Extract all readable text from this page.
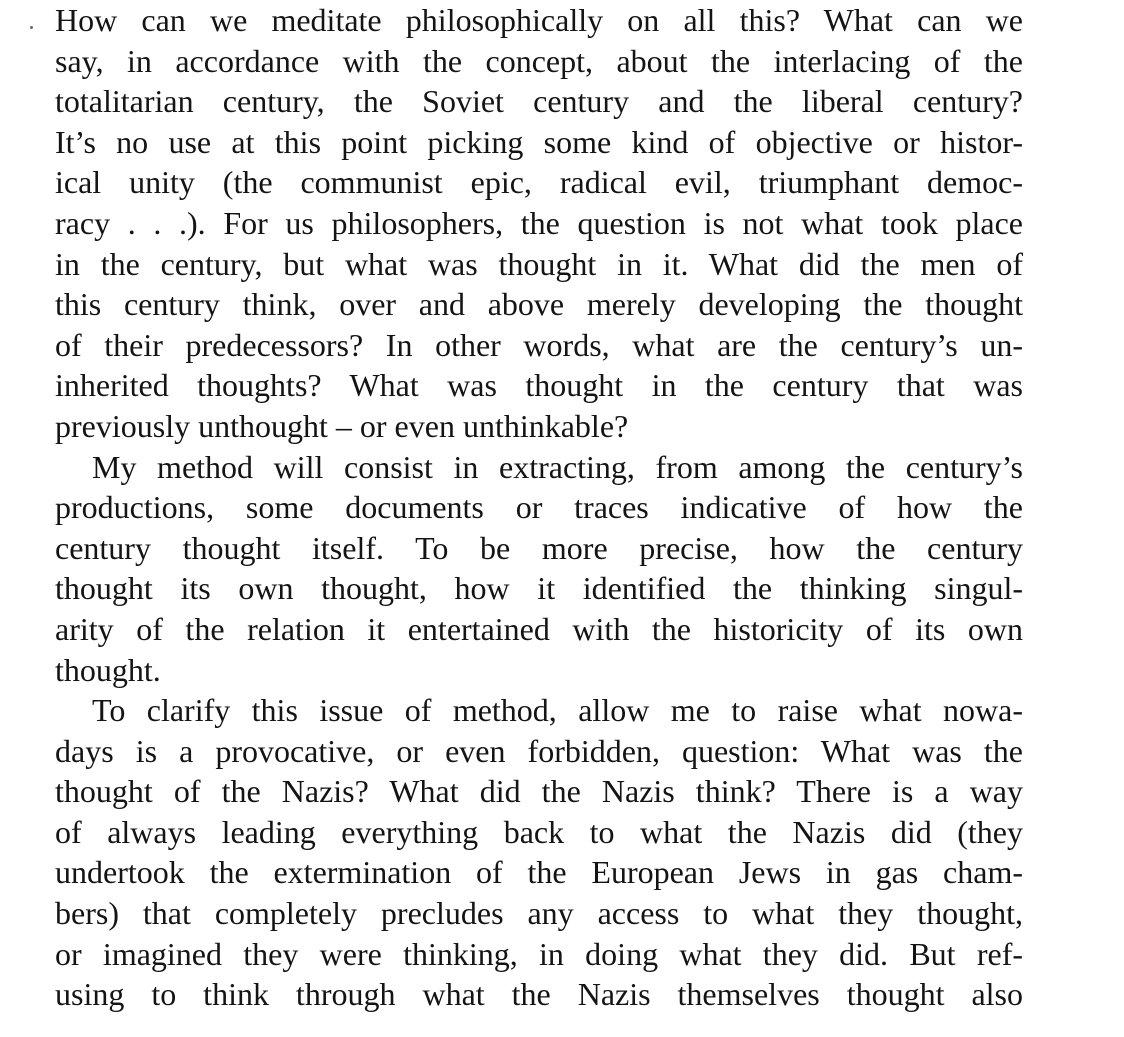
How can we meditate philosophically on all this? What can we
say, in accordance with the concept, about the interlacing of the
totalitarian century, the Soviet century and the liberal century?
It’s no use at this point picking some kind of objective or histor-
ical unity (the communist epic, radical evil, triumphant democ-
racy . . .). For us philosophers, the question is not what took place
in the century, but what was thought in it. What did the men of
this century think, over and above merely developing the thought
of their predecessors? In other words, what are the century’s un-
inherited thoughts? What was thought in the century that was
previously unthought – or even unthinkable?
My method will consist in extracting, from among the century’s
productions, some documents or traces indicative of how the
century thought itself. To be more precise, how the century
thought its own thought, how it identified the thinking singul-
arity of the relation it entertained with the historicity of its own
thought.
To clarify this issue of method, allow me to raise what nowa-
days is a provocative, or even forbidden, question: What was the
thought of the Nazis? What did the Nazis think? There is a way
of always leading everything back to what the Nazis did (they
undertook the extermination of the European Jews in gas cham-
bers) that completely precludes any access to what they thought,
or imagined they were thinking, in doing what they did. But ref-
using to think through what the Nazis themselves thought also
